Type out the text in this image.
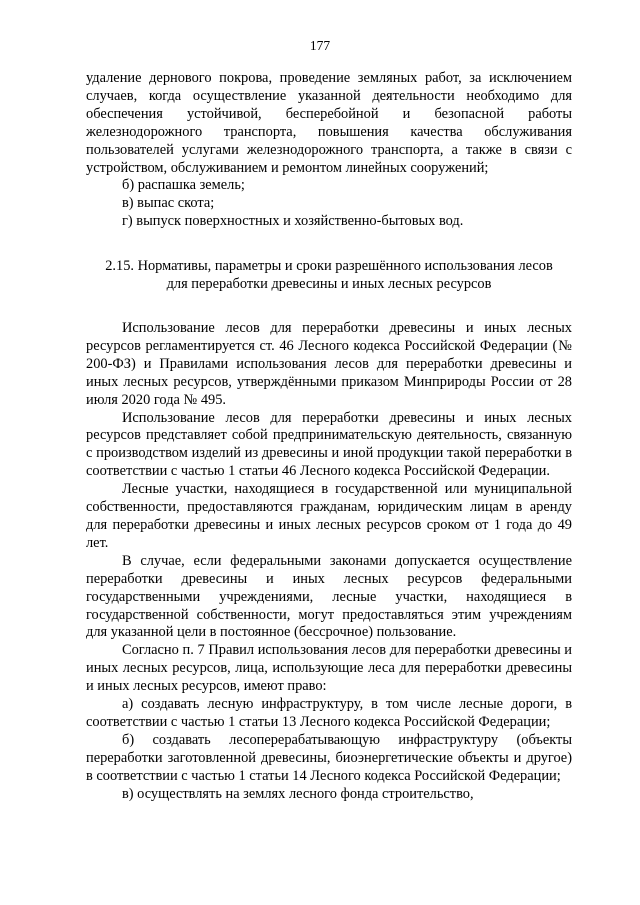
177

удаление дернового покрова, проведение земляных работ, за исключением случаев, когда осуществление указанной деятельности необходимо для обеспечения устойчивой, бесперебойной и безопасной работы железнодорожного транспорта, повышения качества обслуживания пользователей услугами железнодорожного транспорта, а также в связи с устройством, обслуживанием и ремонтом линейных сооружений;

б) распашка земель;

в) выпас скота;

г) выпуск поверхностных и хозяйственно-бытовых вод.

2.15. Нормативы, параметры и сроки разрешённого использования лесов
для переработки древесины и иных лесных ресурсов

Использование лесов для переработки древесины и иных лесных ресурсов регламентируется ст. 46 Лесного кодекса Российской Федерации (№ 200-ФЗ) и Правилами использования лесов для переработки древесины и иных лесных ресурсов, утверждёнными приказом Минприроды России от 28 июля 2020 года № 495.

Использование лесов для переработки древесины и иных лесных ресурсов представляет собой предпринимательскую деятельность, связанную с производством изделий из древесины и иной продукции такой переработки в соответствии с частью 1 статьи 46 Лесного кодекса Российской Федерации.

Лесные участки, находящиеся в государственной или муниципальной собственности, предоставляются гражданам, юридическим лицам в аренду для переработки древесины и иных лесных ресурсов сроком от 1 года до 49 лет.

В случае, если федеральными законами допускается осуществление переработки древесины и иных лесных ресурсов федеральными государственными учреждениями, лесные участки, находящиеся в государственной собственности, могут предоставляться этим учреждениям для указанной цели в постоянное (бессрочное) пользование.

Согласно п. 7 Правил использования лесов для переработки древесины и иных лесных ресурсов, лица, использующие леса для переработки древесины и иных лесных ресурсов, имеют право:

а) создавать лесную инфраструктуру, в том числе лесные дороги, в соответствии с частью 1 статьи 13 Лесного кодекса Российской Федерации;

б) создавать лесоперерабатывающую инфраструктуру (объекты переработки заготовленной древесины, биоэнергетические объекты и другое) в соответствии с частью 1 статьи 14 Лесного кодекса Российской Федерации;

в) осуществлять на землях лесного фонда строительство,
